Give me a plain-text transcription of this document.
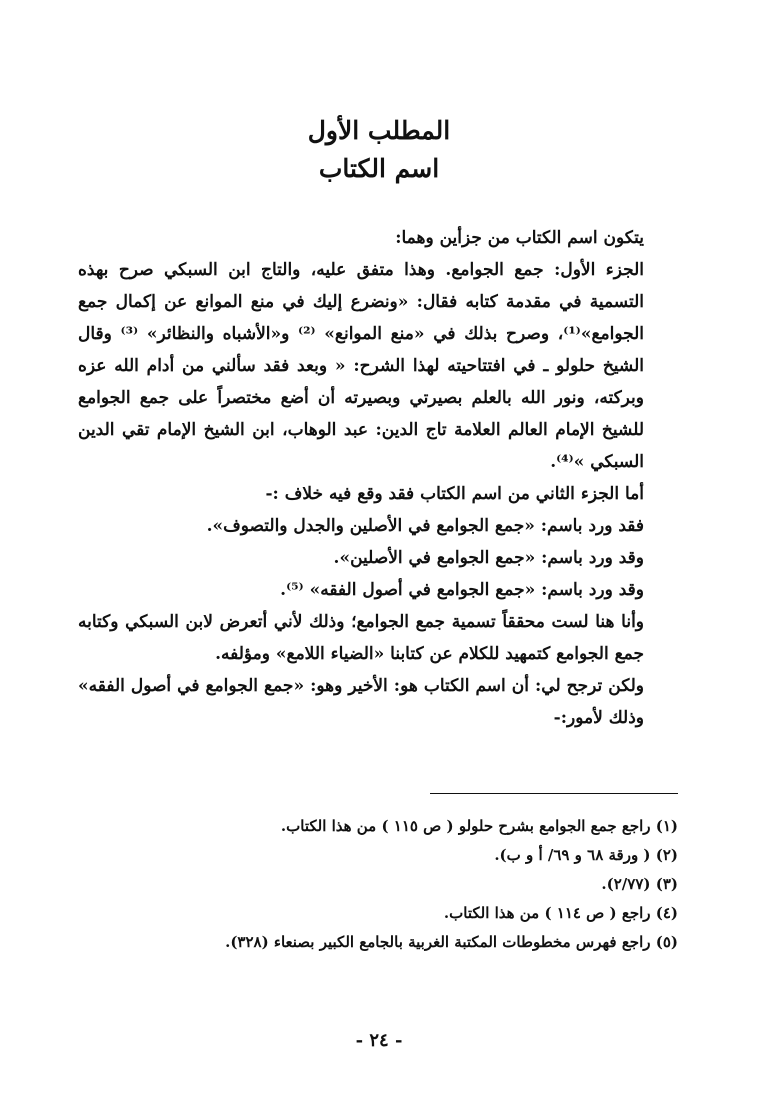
المطلب الأول
اسم الكتاب

يتكون اسم الكتاب من جزأين وهما:

الجزء الأول: جمع الجوامع. وهذا متفق عليه، والتاج ابن السبكي صرح بهذه التسمية في مقدمة كتابه فقال: «ونضرع إليك في منع الموانع عن إكمال جمع الجوامع»⁽¹⁾، وصرح بذلك في «منع الموانع» ⁽²⁾ و«الأشباه والنظائر» ⁽³⁾ وقال الشيخ حلولو ـ في افتتاحيته لهذا الشرح: « وبعد فقد سألني من أدام الله عزه وبركته، ونور الله بالعلم بصيرتي وبصيرته أن أضع مختصراً على جمع الجوامع للشيخ الإمام العالم العلامة تاج الدين: عبد الوهاب، ابن الشيخ الإمام تقي الدين السبكي »⁽⁴⁾.

أما الجزء الثاني من اسم الكتاب فقد وقع فيه خلاف :-

فقد ورد باسم: «جمع الجوامع في الأصلين والجدل والتصوف».

وقد ورد باسم: «جمع الجوامع في الأصلين».

وقد ورد باسم: «جمع الجوامع في أصول الفقه» ⁽⁵⁾.

وأنا هنا لست محققاً تسمية جمع الجوامع؛ وذلك لأني أتعرض لابن السبكي وكتابه جمع الجوامع كتمهيد للكلام عن كتابنا «الضياء اللامع» ومؤلفه.

ولكن ترجح لي: أن اسم الكتاب هو: الأخير وهو: «جمع الجوامع في أصول الفقه» وذلك لأمور:-

(١) راجع جمع الجوامع بشرح حلولو ( ص ١١٥ ) من هذا الكتاب.
(٢) ( ورقة ٦٨ و ٦٩/ أ و ب).
(٣) (٢/٧٧).
(٤) راجع ( ص ١١٤ ) من هذا الكتاب.
(٥) راجع فهرس مخطوطات المكتبة الغربية بالجامع الكبير بصنعاء (٣٢٨).
- ٢٤ -
